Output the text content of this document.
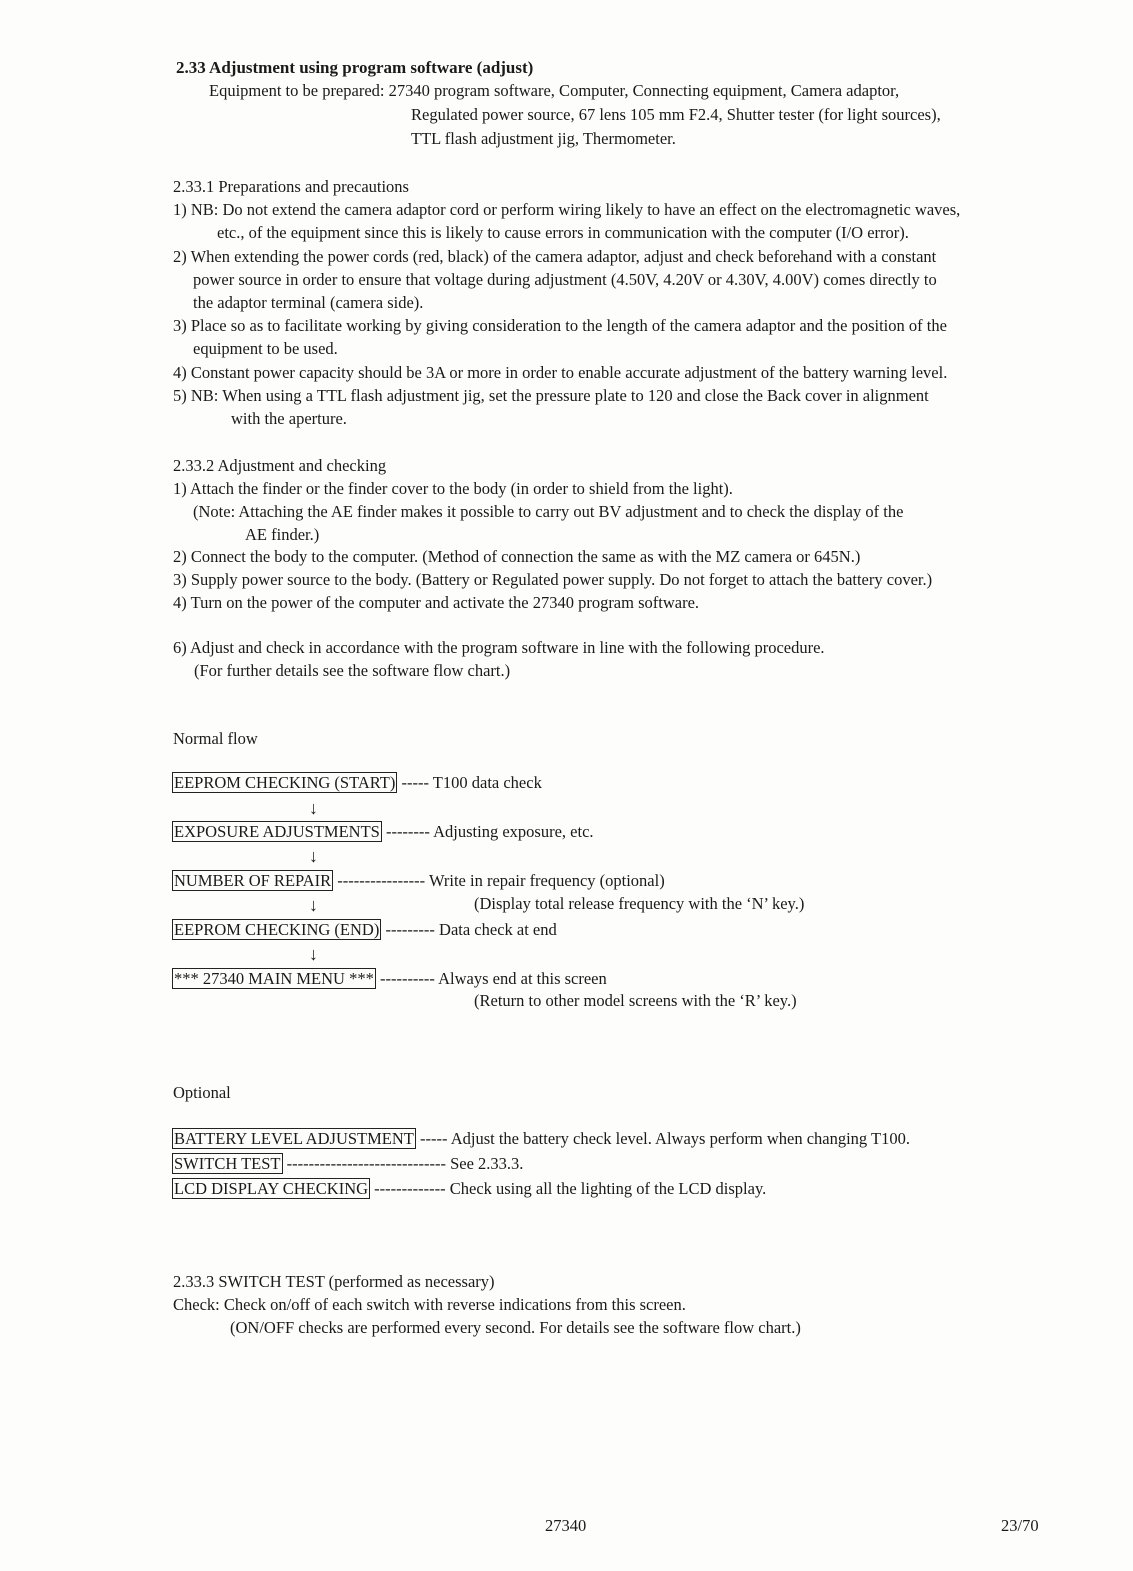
2.33 Adjustment using program software (adjust)
Equipment to be prepared: 27340 program software, Computer, Connecting equipment, Camera adaptor,
Regulated power source, 67 lens 105 mm F2.4, Shutter tester (for light sources),
TTL flash adjustment jig, Thermometer.
2.33.1 Preparations and precautions
1) NB: Do not extend the camera adaptor cord or perform wiring likely to have an effect on the electromagnetic waves,
etc., of the equipment since this is likely to cause errors in communication with the computer (I/O error).
2) When extending the power cords (red, black) of the camera adaptor, adjust and check beforehand with a constant
power source in order to ensure that voltage during adjustment (4.50V, 4.20V or 4.30V, 4.00V) comes directly to
the adaptor terminal (camera side).
3) Place so as to facilitate working by giving consideration to the length of the camera adaptor and the position of the
equipment to be used.
4) Constant power capacity should be 3A or more in order to enable accurate adjustment of the battery warning level.
5) NB: When using a TTL flash adjustment jig, set the pressure plate to 120 and close the Back cover in alignment
with the aperture.
2.33.2 Adjustment and checking
1) Attach the finder or the finder cover to the body (in order to shield from the light).
(Note: Attaching the AE finder makes it possible to carry out BV adjustment and to check the display of the
AE finder.)
2) Connect the body to the computer. (Method of connection the same as with the MZ camera or 645N.)
3) Supply power source to the body. (Battery or Regulated power supply. Do not forget to attach the battery cover.)
4) Turn on the power of the computer and activate the 27340 program software.
6) Adjust and check in accordance with the program software in line with the following procedure.
(For further details see the software flow chart.)
Normal flow
EEPROM CHECKING (START) ----- T100 data check
↓
EXPOSURE ADJUSTMENTS -------- Adjusting exposure, etc.
↓
NUMBER OF REPAIR ---------------- Write in repair frequency (optional)
↓	(Display total release frequency with the ‘N’ key.)
EEPROM CHECKING (END) --------- Data check at end
↓
*** 27340 MAIN MENU *** ---------- Always end at this screen
(Return to other model screens with the ‘R’ key.)
Optional
BATTERY LEVEL ADJUSTMENT ----- Adjust the battery check level. Always perform when changing T100.
SWITCH TEST ----------------------------- See 2.33.3.
LCD DISPLAY CHECKING ------------- Check using all the lighting of the LCD display.
2.33.3 SWITCH TEST (performed as necessary)
Check: Check on/off of each switch with reverse indications from this screen.
(ON/OFF checks are performed every second. For details see the software flow chart.)
27340	23/70
